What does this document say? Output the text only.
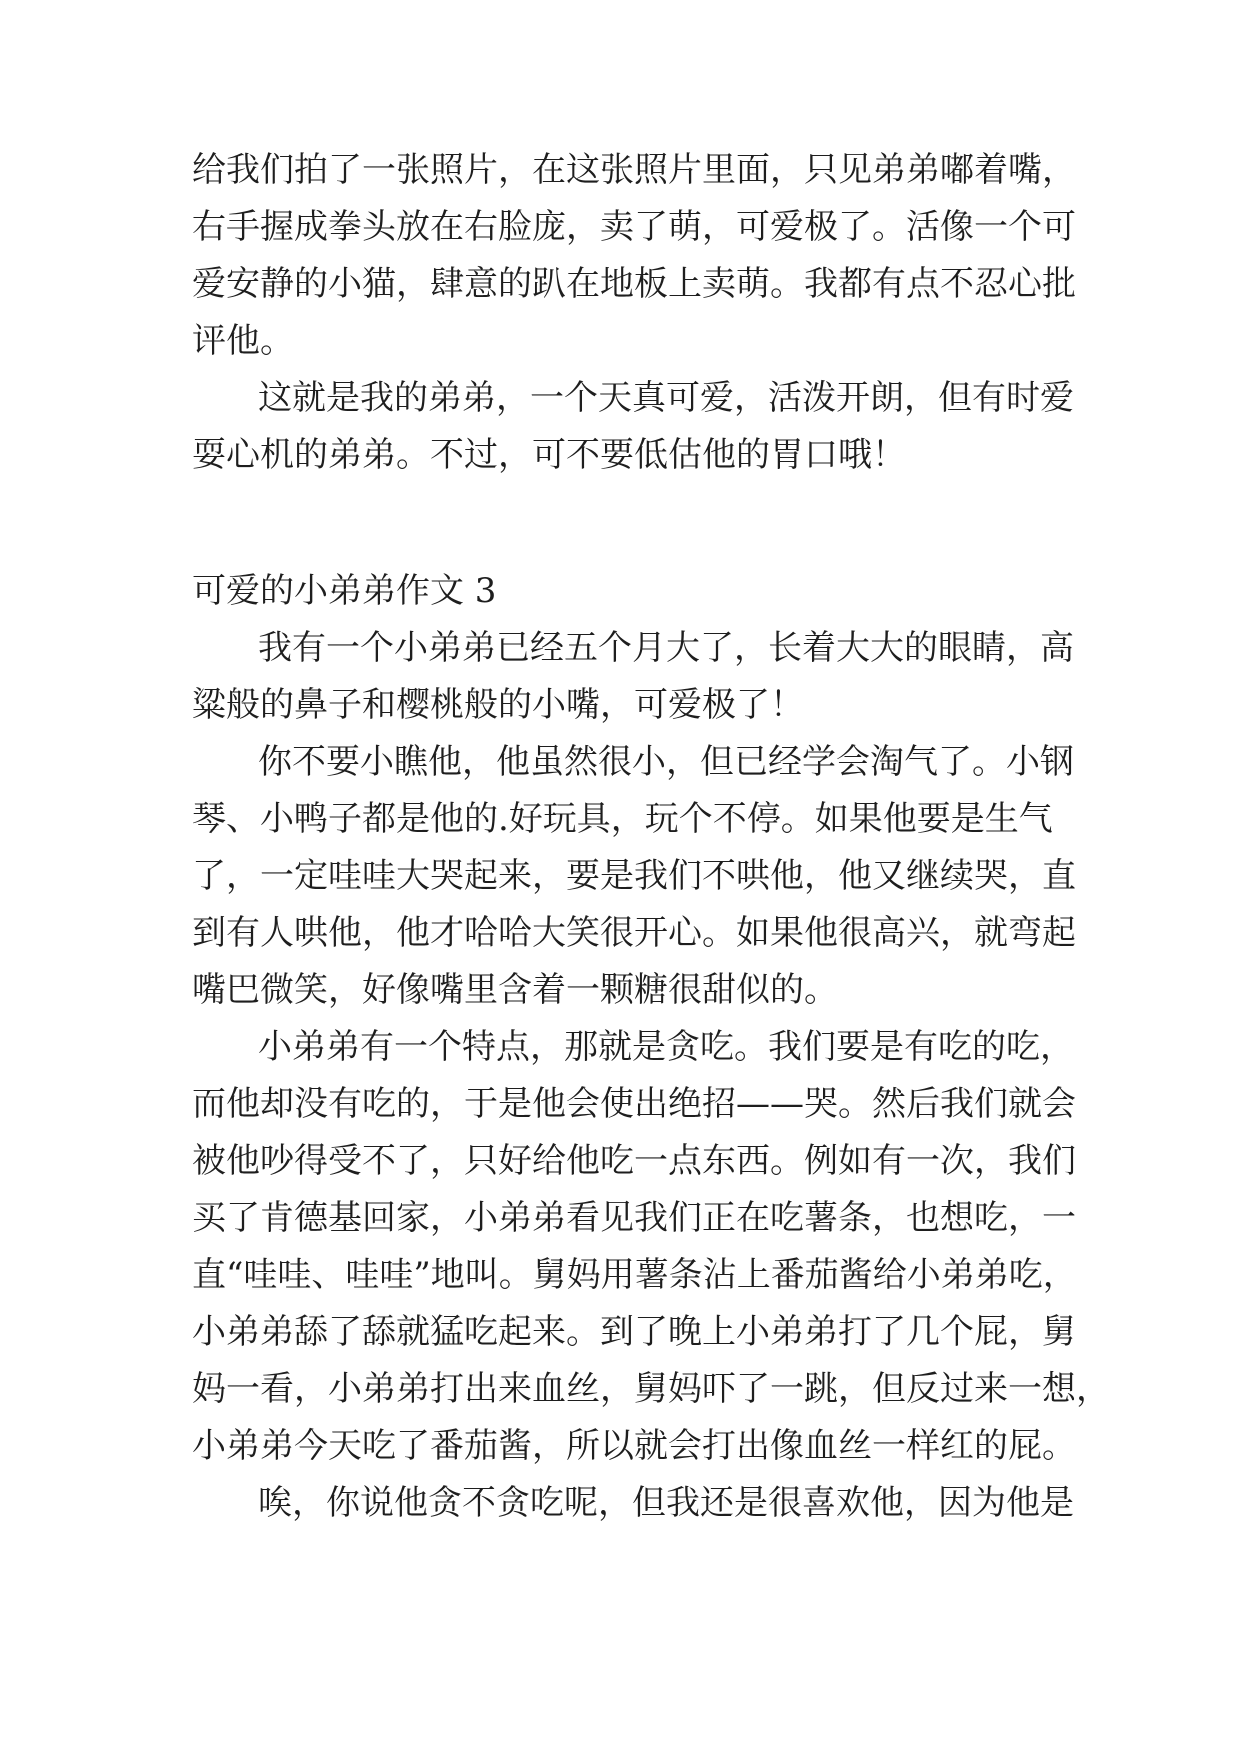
给我们拍了一张照片，在这张照片里面，只见弟弟嘟着嘴，
右手握成拳头放在右脸庞，卖了萌，可爱极了。活像一个可
爱安静的小猫，肆意的趴在地板上卖萌。我都有点不忍心批
评他。
这就是我的弟弟，一个天真可爱，活泼开朗，但有时爱
耍心机的弟弟。不过，可不要低估他的胃口哦！
可爱的小弟弟作文 3
我有一个小弟弟已经五个月大了，长着大大的眼睛，高
粱般的鼻子和樱桃般的小嘴，可爱极了！
你不要小瞧他，他虽然很小，但已经学会淘气了。小钢
琴、小鸭子都是他的.好玩具，玩个不停。如果他要是生气
了，一定哇哇大哭起来，要是我们不哄他，他又继续哭，直
到有人哄他，他才哈哈大笑很开心。如果他很高兴，就弯起
嘴巴微笑，好像嘴里含着一颗糖很甜似的。
小弟弟有一个特点，那就是贪吃。我们要是有吃的吃，
而他却没有吃的，于是他会使出绝招——哭。然后我们就会
被他吵得受不了，只好给他吃一点东西。例如有一次，我们
买了肯德基回家，小弟弟看见我们正在吃薯条，也想吃，一
直“哇哇、哇哇”地叫。舅妈用薯条沾上番茄酱给小弟弟吃，
小弟弟舔了舔就猛吃起来。到了晚上小弟弟打了几个屁，舅
妈一看，小弟弟打出来血丝，舅妈吓了一跳，但反过来一想，
小弟弟今天吃了番茄酱，所以就会打出像血丝一样红的屁。
唉，你说他贪不贪吃呢，但我还是很喜欢他，因为他是
